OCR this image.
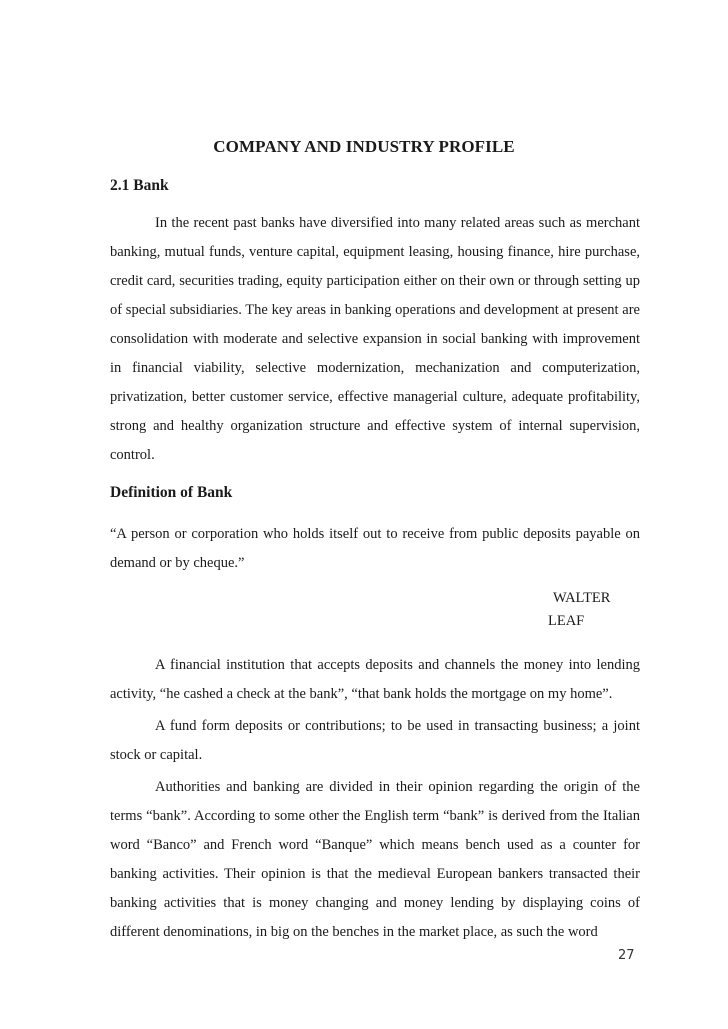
COMPANY AND INDUSTRY PROFILE
2.1 Bank

In the recent past banks have diversified into many related areas such as merchant banking, mutual funds, venture capital, equipment leasing, housing finance, hire purchase, credit card, securities trading, equity participation either on their own or through setting up of special subsidiaries. The key areas in banking operations and development at present are consolidation with moderate and selective expansion in social banking with improvement in financial viability, selective modernization, mechanization and computerization, privatization, better customer service, effective managerial culture, adequate profitability, strong and healthy organization structure and effective system of internal supervision, control.

Definition of Bank

“A person or corporation who holds itself out to receive from public deposits payable on demand or by cheque.”

WALTER

LEAF

A financial institution that accepts deposits and channels the money into lending activity, “he cashed a check at the bank”, “that bank holds the mortgage on my home”.

A fund form deposits or contributions; to be used in transacting business; a joint stock or capital.

Authorities and banking are divided in their opinion regarding the origin of the terms “bank”. According to some other the English term “bank” is derived from the Italian word “Banco” and French word “Banque” which means bench used as a counter for banking activities. Their opinion is that the medieval European bankers transacted their banking activities that is money changing and money lending by displaying coins of different denominations, in big on the benches in the market place, as such the word

27
